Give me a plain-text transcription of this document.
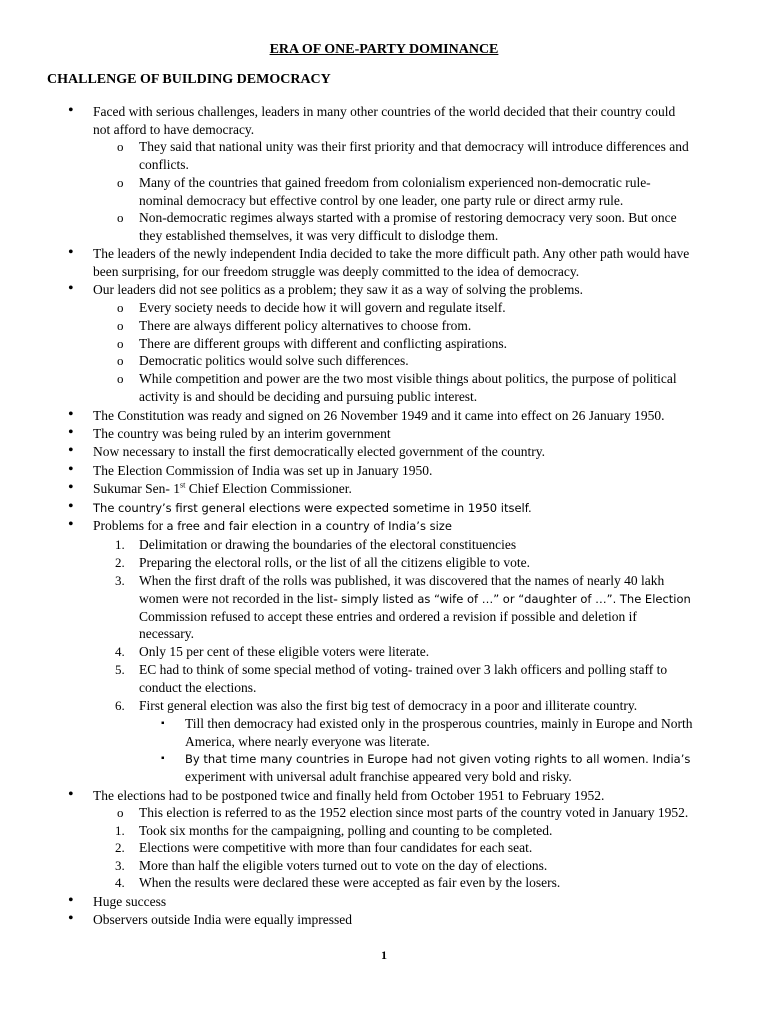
ERA OF ONE-PARTY DOMINANCE
CHALLENGE OF BUILDING DEMOCRACY
• Faced with serious challenges, leaders in many other countries of the world decided that their country could
not afford to have democracy.
o They said that national unity was their first priority and that democracy will introduce differences and
conflicts.
o Many of the countries that gained freedom from colonialism experienced non-democratic rule-
nominal democracy but effective control by one leader, one party rule or direct army rule.
o Non-democratic regimes always started with a promise of restoring democracy very soon. But once
they established themselves, it was very difficult to dislodge them.
• The leaders of the newly independent India decided to take the more difficult path. Any other path would have
been surprising, for our freedom struggle was deeply committed to the idea of democracy.
• Our leaders did not see politics as a problem; they saw it as a way of solving the problems.
o Every society needs to decide how it will govern and regulate itself.
o There are always different policy alternatives to choose from.
o There are different groups with different and conflicting aspirations.
o Democratic politics would solve such differences.
o While competition and power are the two most visible things about politics, the purpose of political
activity is and should be deciding and pursuing public interest.
• The Constitution was ready and signed on 26 November 1949 and it came into effect on 26 January 1950.
• The country was being ruled by an interim government
• Now necessary to install the first democratically elected government of the country.
• The Election Commission of India was set up in January 1950.
• Sukumar Sen- 1st Chief Election Commissioner.
• The country’s first general elections were expected sometime in 1950 itself.
• Problems for a free and fair election in a country of India’s size
1. Delimitation or drawing the boundaries of the electoral constituencies
2. Preparing the electoral rolls, or the list of all the citizens eligible to vote.
3. When the first draft of the rolls was published, it was discovered that the names of nearly 40 lakh
women were not recorded in the list- simply listed as “wife of …” or “daughter of …”. The Election
Commission refused to accept these entries and ordered a revision if possible and deletion if
necessary.
4. Only 15 per cent of these eligible voters were literate.
5. EC had to think of some special method of voting- trained over 3 lakh officers and polling staff to
conduct the elections.
6. First general election was also the first big test of democracy in a poor and illiterate country.
▪ Till then democracy had existed only in the prosperous countries, mainly in Europe and North
America, where nearly everyone was literate.
▪ By that time many countries in Europe had not given voting rights to all women. India’s
experiment with universal adult franchise appeared very bold and risky.
• The elections had to be postponed twice and finally held from October 1951 to February 1952.
o This election is referred to as the 1952 election since most parts of the country voted in January 1952.
1. Took six months for the campaigning, polling and counting to be completed.
2. Elections were competitive with more than four candidates for each seat.
3. More than half the eligible voters turned out to vote on the day of elections.
4. When the results were declared these were accepted as fair even by the losers.
• Huge success
• Observers outside India were equally impressed
1
